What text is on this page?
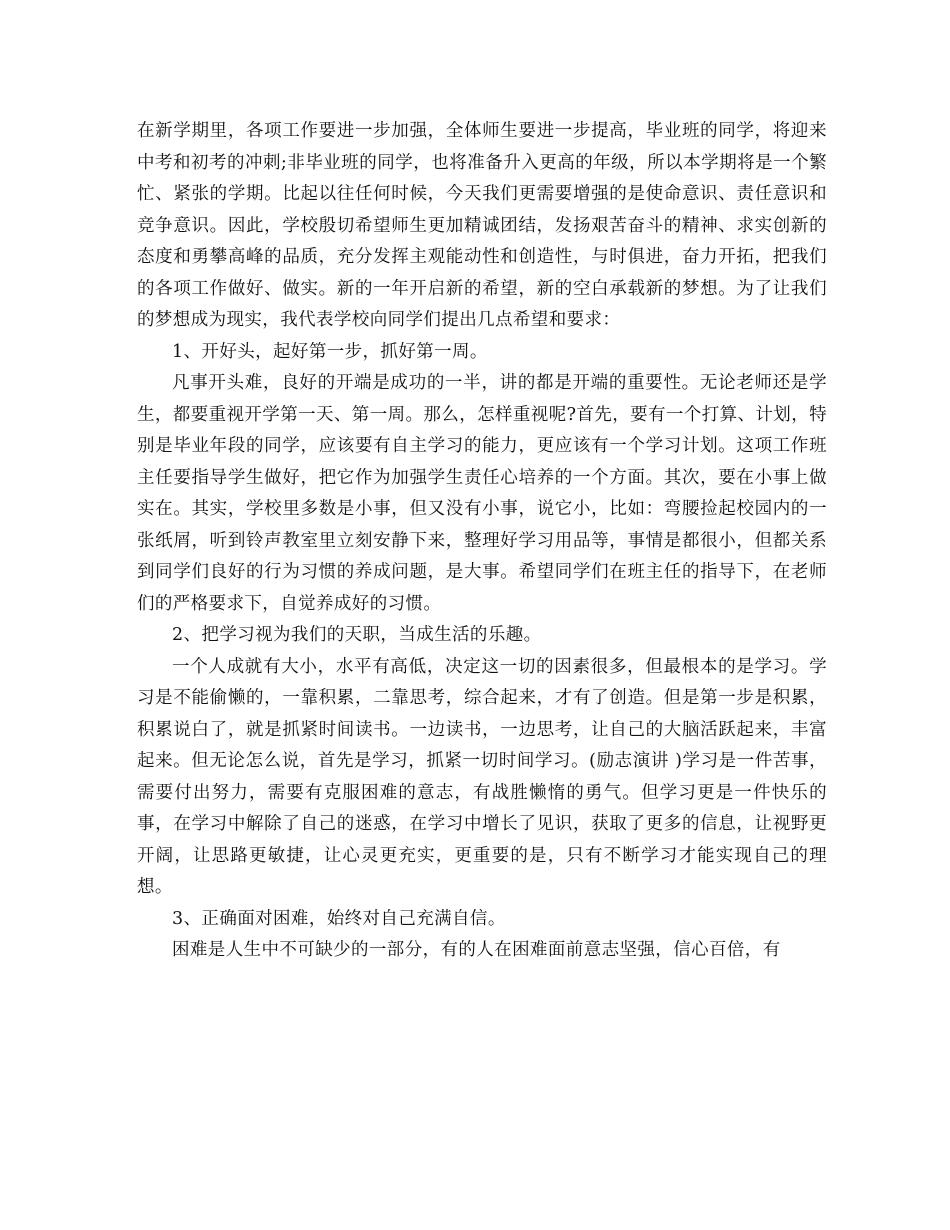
在新学期里，各项工作要进一步加强，全体师生要进一步提高，毕业班的同学，将迎来中考和初考的冲刺;非毕业班的同学，也将准备升入更高的年级，所以本学期将是一个繁忙、紧张的学期。比起以往任何时候，今天我们更需要增强的是使命意识、责任意识和竞争意识。因此，学校殷切希望师生更加精诚团结，发扬艰苦奋斗的精神、求实创新的态度和勇攀高峰的品质，充分发挥主观能动性和创造性，与时俱进，奋力开拓，把我们的各项工作做好、做实。新的一年开启新的希望，新的空白承载新的梦想。为了让我们的梦想成为现实，我代表学校向同学们提出几点希望和要求：

1、开好头，起好第一步，抓好第一周。

凡事开头难，良好的开端是成功的一半，讲的都是开端的重要性。无论老师还是学生，都要重视开学第一天、第一周。那么，怎样重视呢?首先，要有一个打算、计划，特别是毕业年段的同学，应该要有自主学习的能力，更应该有一个学习计划。这项工作班主任要指导学生做好，把它作为加强学生责任心培养的一个方面。其次，要在小事上做实在。其实，学校里多数是小事，但又没有小事，说它小，比如：弯腰捡起校园内的一张纸屑，听到铃声教室里立刻安静下来，整理好学习用品等，事情是都很小，但都关系到同学们良好的行为习惯的养成问题，是大事。希望同学们在班主任的指导下，在老师们的严格要求下，自觉养成好的习惯。

2、把学习视为我们的天职，当成生活的乐趣。

一个人成就有大小，水平有高低，决定这一切的因素很多，但最根本的是学习。学习是不能偷懒的，一靠积累，二靠思考，综合起来，才有了创造。但是第一步是积累，积累说白了，就是抓紧时间读书。一边读书，一边思考，让自己的大脑活跃起来，丰富起来。但无论怎么说，首先是学习，抓紧一切时间学习。(励志演讲 )学习是一件苦事，需要付出努力，需要有克服困难的意志，有战胜懒惰的勇气。但学习更是一件快乐的事，在学习中解除了自己的迷惑，在学习中增长了见识，获取了更多的信息，让视野更开阔，让思路更敏捷，让心灵更充实，更重要的是，只有不断学习才能实现自己的理想。

3、正确面对困难，始终对自己充满自信。

困难是人生中不可缺少的一部分，有的人在困难面前意志坚强，信心百倍，有
